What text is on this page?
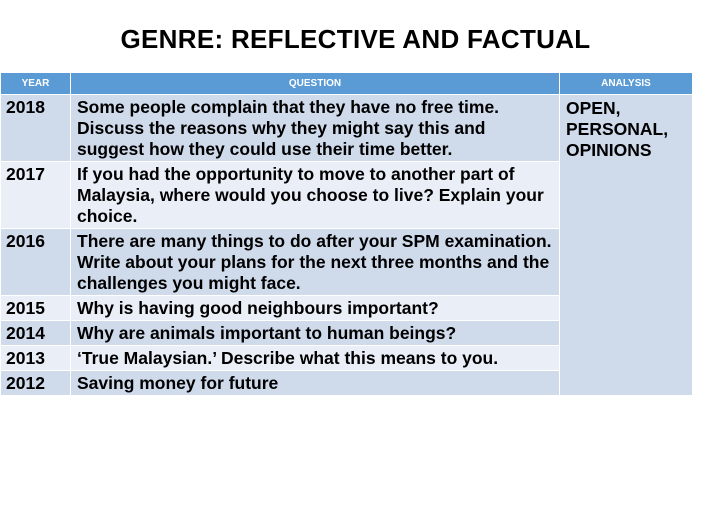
GENRE: REFLECTIVE AND FACTUAL
YEAR	QUESTION	ANALYSIS
2018	Some people complain that they have no free time. Discuss the reasons why they might say this and suggest how they could use their time better.	OPEN,
PERSONAL,
OPINIONS

2017	If you had the opportunity to move to another part of Malaysia, where would you choose to live? Explain your choice.	
2016	There are many things to do after your SPM examination. Write about your plans for the next three months and the challenges you might face.	
2015	Why is having good neighbours important?	
2014	Why are animals important to human beings?	
2013	‘True Malaysian.’ Describe what this means to you.	
2012	Saving money for future	
